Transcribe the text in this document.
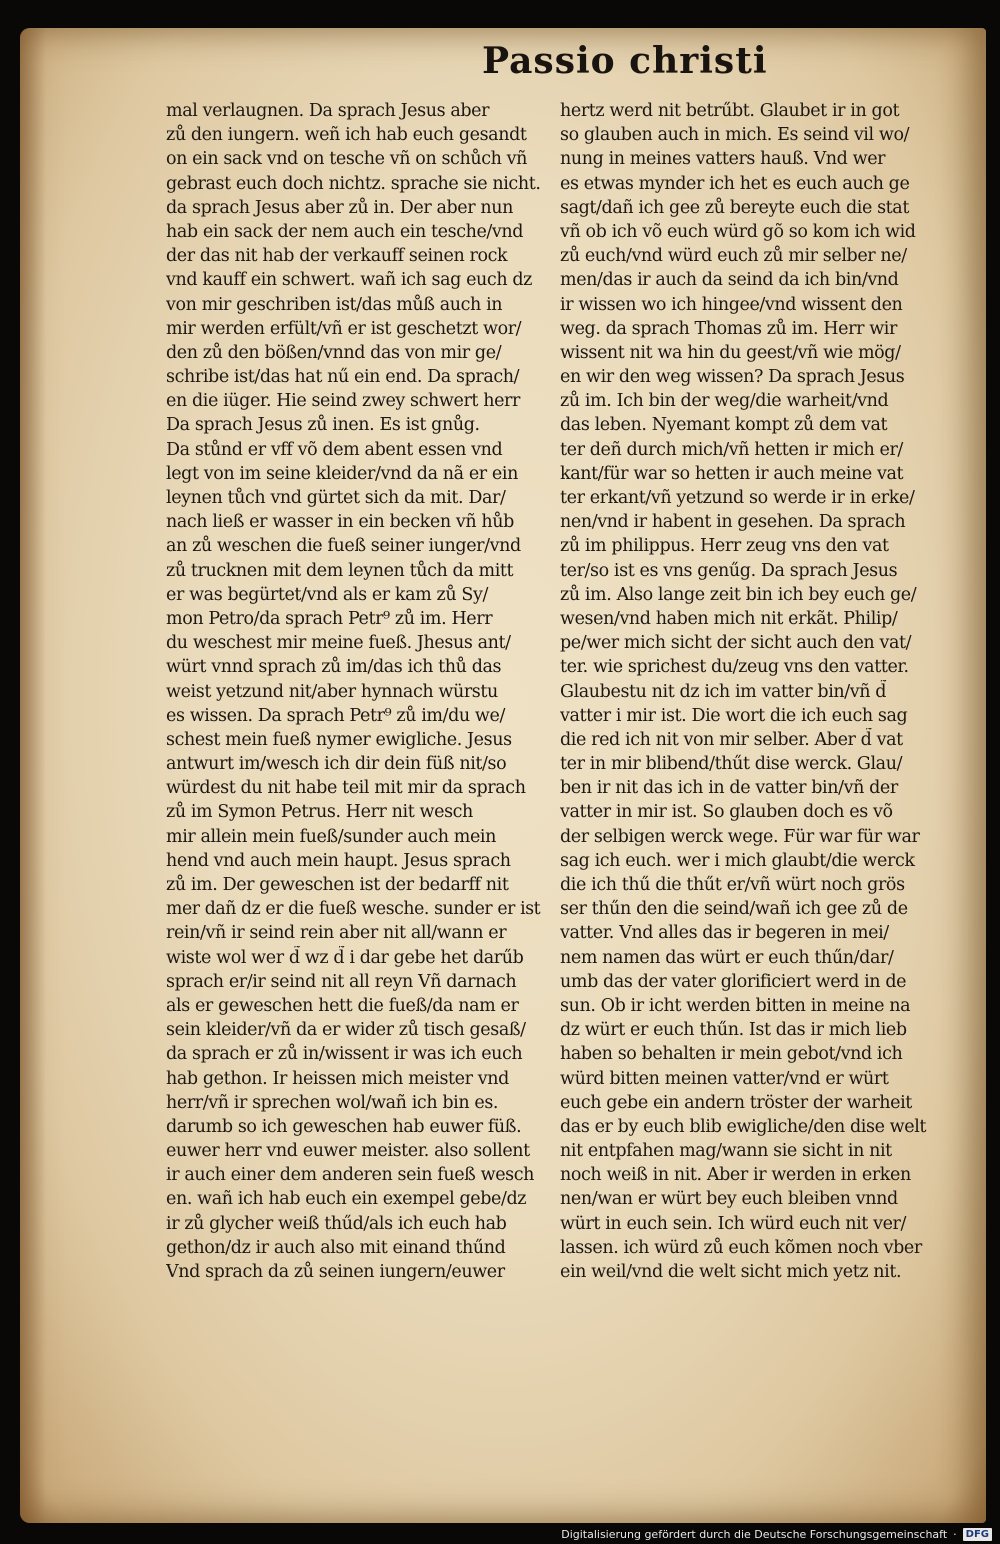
Passio christi
mal verlaugnen. Da sprach Jesus aber
zů den iungern. weñ ich hab euch gesandt
on ein sack vnd on tesche vñ on schůch vñ
gebrast euch doch nichtz. sprache sie nicht.
da sprach Jesus aber zů in. Der aber nun
hab ein sack der nem auch ein tesche/vnd
der das nit hab der verkauff seinen rock
vnd kauff ein schwert. wañ ich sag euch dz
von mir geschriben ist/das můß auch in
mir werden erfült/vñ er ist geschetzt wor/
den zů den bößen/vnnd das von mir ge/
schribe ist/das hat nű ein end. Da sprach/
en die iüger. Hie seind zwey schwert herr
Da sprach Jesus zů inen. Es ist gnůg.
Da stůnd er vff võ dem abent essen vnd
legt von im seine kleider/vnd da nã er ein
leynen tůch vnd gürtet sich da mit. Dar/
nach ließ er wasser in ein becken vñ hůb
an zů weschen die fueß seiner iunger/vnd
zů trucknen mit dem leynen tůch da mitt
er was begürtet/vnd als er kam zů Sy/
mon Petro/da sprach Petr⁹ zů im. Herr
du weschest mir meine fueß. Jhesus ant/
würt vnnd sprach zů im/das ich thů das
weist yetzund nit/aber hynnach würstu
es wissen. Da sprach Petr⁹ zů im/du we/
schest mein fueß nymer ewigliche. Jesus
antwurt im/wesch ich dir dein füß nit/so
würdest du nit habe teil mit mir da sprach
zů im Symon Petrus. Herr nit wesch
mir allein mein fueß/sunder auch mein
hend vnd auch mein haupt. Jesus sprach
zů im. Der geweschen ist der bedarff nit
mer dañ dz er die fueß wesche. sunder er ist
rein/vñ ir seind rein aber nit all/wann er
wiste wol wer d̃ wz d̃ i dar gebe het darűb
sprach er/ir seind nit all reyn Vñ darnach
als er geweschen hett die fueß/da nam er
sein kleider/vñ da er wider zů tisch gesaß/
da sprach er zů in/wissent ir was ich euch
hab gethon. Ir heissen mich meister vnd
herr/vñ ir sprechen wol/wañ ich bin es.
darumb so ich geweschen hab euwer füß.
euwer herr vnd euwer meister. also sollent
ir auch einer dem anderen sein fueß wesch
en. wañ ich hab euch ein exempel gebe/dz
ir zů glycher weiß thűd/als ich euch hab
gethon/dz ir auch also mit einand thűnd
Vnd sprach da zů seinen iungern/euwer
hertz werd nit betrűbt. Glaubet ir in got
so glauben auch in mich. Es seind vil wo/
nung in meines vatters hauß. Vnd wer
es etwas mynder ich het es euch auch ge
sagt/dañ ich gee zů bereyte euch die stat
vñ ob ich võ euch würd gõ so kom ich wid
zů euch/vnd würd euch zů mir selber ne/
men/das ir auch da seind da ich bin/vnd
ir wissen wo ich hingee/vnd wissent den
weg. da sprach Thomas zů im. Herr wir
wissent nit wa hin du geest/vñ wie mög/
en wir den weg wissen? Da sprach Jesus
zů im. Ich bin der weg/die warheit/vnd
das leben. Nyemant kompt zů dem vat
ter deñ durch mich/vñ hetten ir mich er/
kant/für war so hetten ir auch meine vat
ter erkant/vñ yetzund so werde ir in erke/
nen/vnd ir habent in gesehen. Da sprach
zů im philippus. Herr zeug vns den vat
ter/so ist es vns genűg. Da sprach Jesus
zů im. Also lange zeit bin ich bey euch ge/
wesen/vnd haben mich nit erkãt. Philip/
pe/wer mich sicht der sicht auch den vat/
ter. wie sprichest du/zeug vns den vatter.
Glaubestu nit dz ich im vatter bin/vñ d̃
vatter i mir ist. Die wort die ich euch sag
die red ich nit von mir selber. Aber d̃ vat
ter in mir blibend/thűt dise werck. Glau/
ben ir nit das ich in de vatter bin/vñ der
vatter in mir ist. So glauben doch es võ
der selbigen werck wege. Für war für war
sag ich euch. wer i mich glaubt/die werck
die ich thű die thűt er/vñ würt noch grös
ser thűn den die seind/wañ ich gee zů de
vatter. Vnd alles das ir begeren in mei/
nem namen das würt er euch thűn/dar/
umb das der vater glorificiert werd in de
sun. Ob ir icht werden bitten in meine na
dz würt er euch thűn. Ist das ir mich lieb
haben so behalten ir mein gebot/vnd ich
würd bitten meinen vatter/vnd er würt
euch gebe ein andern tröster der warheit
das er by euch blib ewigliche/den dise welt
nit entpfahen mag/wann sie sicht in nit
noch weiß in nit. Aber ir werden in erken
nen/wan er würt bey euch bleiben vnnd
würt in euch sein. Ich würd euch nit ver/
lassen. ich würd zů euch kõmen noch vber
ein weil/vnd die welt sicht mich yetz nit.
Digitalisierung gefördert durch die Deutsche Forschungsgemeinschaft · DFG
